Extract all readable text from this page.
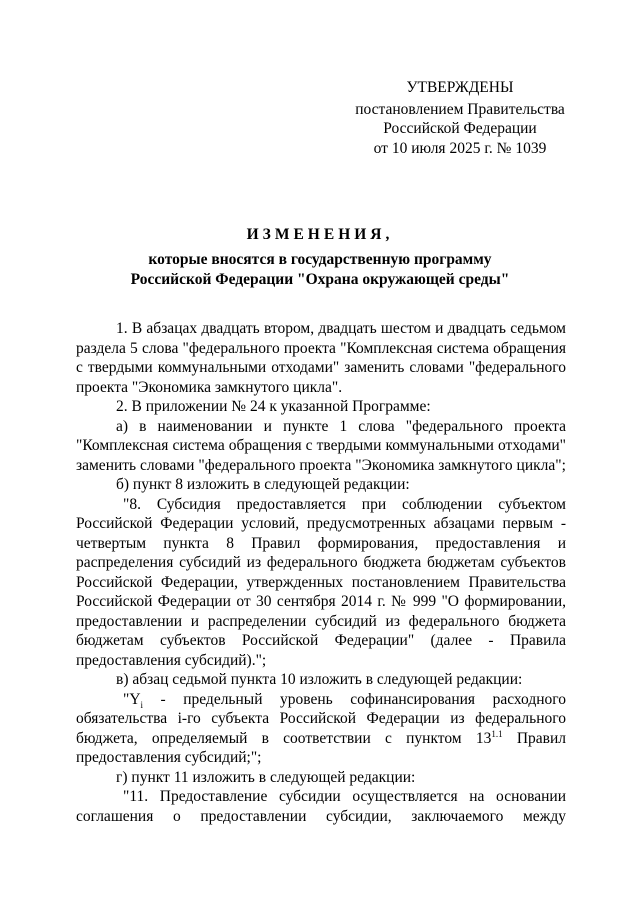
УТВЕРЖДЕНЫ
постановлением Правительства
Российской Федерации
от 10 июля 2025 г. № 1039
ИЗМЕНЕНИЯ,
которые вносятся в государственную программу
Российской Федерации "Охрана окружающей среды"

1. В абзацах двадцать втором, двадцать шестом и двадцать седьмом раздела 5 слова "федерального проекта "Комплексная система обращения с твердыми коммунальными отходами" заменить словами "федерального проекта "Экономика замкнутого цикла".

2. В приложении № 24 к указанной Программе:

а) в наименовании и пункте 1 слова "федерального проекта "Комплексная система обращения с твердыми коммунальными отходами" заменить словами "федерального проекта "Экономика замкнутого цикла";

б) пункт 8 изложить в следующей редакции:

"8. Субсидия предоставляется при соблюдении субъектом Российской Федерации условий, предусмотренных абзацами первым - четвертым пункта 8 Правил формирования, предоставления и распределения субсидий из федерального бюджета бюджетам субъектов Российской Федерации, утвержденных постановлением Правительства Российской Федерации от 30 сентября 2014 г. № 999 "О формировании, предоставлении и распределении субсидий из федерального бюджета бюджетам субъектов Российской Федерации" (далее - Правила предоставления субсидий).";

в) абзац седьмой пункта 10 изложить в следующей редакции:

"$Y_i$ - предельный уровень софинансирования расходного обязательства i-го субъекта Российской Федерации из федерального бюджета, определяемый в соответствии с пунктом $13^{1.1}$ Правил предоставления субсидий;";

г) пункт 11 изложить в следующей редакции:

"11. Предоставление субсидии осуществляется на основании соглашения о предоставлении субсидии, заключаемого между
